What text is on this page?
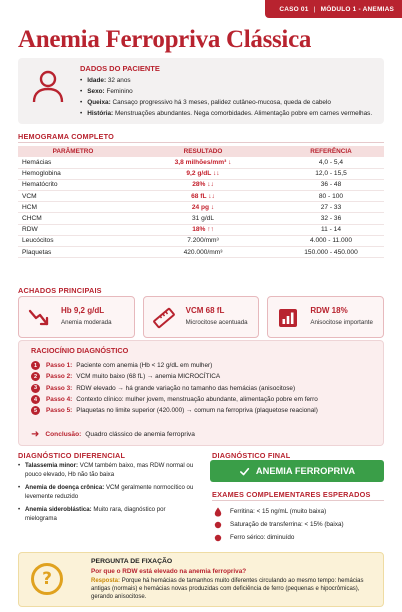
CASO 01 | MÓDULO 1 - ANEMIAS
Anemia Ferropriva Clássica
DADOS DO PACIENTE
• Idade: 32 anos
• Sexo: Feminino
• Queixa: Cansaço progressivo há 3 meses, palidez cutâneo-mucosa, queda de cabelo
• História: Menstruações abundantes. Nega comorbidades. Alimentação pobre em carnes vermelhas.
HEMOGRAMA COMPLETO
PARÂMETRO	RESULTADO	REFERÊNCIA
Hemácias	3,8 milhões/mm³ ↓	4,0 - 5,4
Hemoglobina	9,2 g/dL ↓↓	12,0 - 15,5
Hematócrito	28% ↓↓	36 - 48
VCM	68 fL ↓↓	80 - 100
HCM	24 pg ↓	27 - 33
CHCM	31 g/dL	32 - 36
RDW	18% ↑↑	11 - 14
Leucócitos	7.200/mm³	4.000 - 11.000
Plaquetas	420.000/mm³	150.000 - 450.000
ACHADOS PRINCIPAIS
Hb 9,2 g/dL
Anemia moderada
VCM 68 fL
Microcitose acentuada
RDW 18%
Anisocitose importante
RACIOCÍNIO DIAGNÓSTICO
1	Passo 1: Paciente com anemia (Hb < 12 g/dL em mulher)
2	Passo 2: VCM muito baixo (68 fL) → anemia MICROCÍTICA
3	Passo 3: RDW elevado → há grande variação no tamanho das hemácias (anisocitose)
4	Passo 4: Contexto clínico: mulher jovem, menstruação abundante, alimentação pobre em ferro
5	Passo 5: Plaquetas no limite superior (420.000) → comum na ferropriva (plaquetose reacional)
➜ Conclusão: Quadro clássico de anemia ferropriva
DIAGNÓSTICO DIFERENCIAL
• Talassemia minor: VCM também baixo, mas RDW normal ou pouco elevado, Hb não tão baixa
• Anemia de doença crônica: VCM geralmente normocítico ou levemente reduzido
• Anemia sideroblástica: Muito rara, diagnóstico por mielograma
DIAGNÓSTICO FINAL
ANEMIA FERROPRIVA
EXAMES COMPLEMENTARES ESPERADOS
Ferritina: < 15 ng/mL (muito baixa)
Saturação de transferrina: < 15% (baixa)
Ferro sérico: diminuído
?
PERGUNTA DE FIXAÇÃO
Por que o RDW está elevado na anemia ferropriva?
Resposta: Porque há hemácias de tamanhos muito diferentes circulando ao mesmo tempo: hemácias antigas (normais) e hemácias novas produzidas com deficiência de ferro (pequenas e hipocrômicas), gerando anisocitose.
